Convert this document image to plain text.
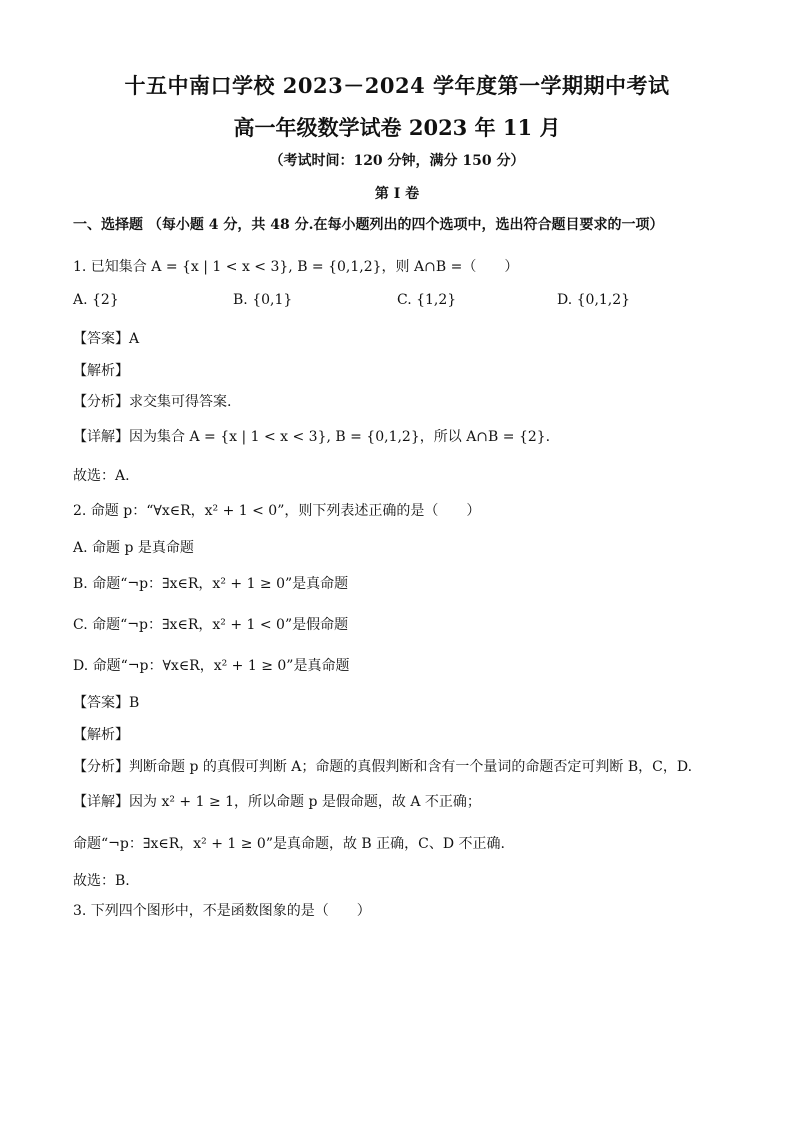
十五中南口学校 2023－2024 学年度第一学期期中考试
高一年级数学试卷 2023 年 11 月
（考试时间：120 分钟，满分 150 分）
第 I 卷
一、选择题 （每小题 4 分，共 48 分.在每小题列出的四个选项中，选出符合题目要求的一项）
1. 已知集合 A = {x | 1 < x < 3}, B = {0,1,2}，则 A∩B =（　　）
A. {2}	B. {0,1}	C. {1,2}	D. {0,1,2}
【答案】A
【解析】
【分析】求交集可得答案.
【详解】因为集合 A = {x | 1 < x < 3}, B = {0,1,2}，所以 A∩B = {2}.
故选：A.
2. 命题 p：“∀x∈R，x² + 1 < 0”，则下列表述正确的是（　　）
A. 命题 p 是真命题
B. 命题“¬p：∃x∈R，x² + 1 ≥ 0”是真命题
C. 命题“¬p：∃x∈R，x² + 1 < 0”是假命题
D. 命题“¬p：∀x∈R，x² + 1 ≥ 0”是真命题
【答案】B
【解析】
【分析】判断命题 p 的真假可判断 A；命题的真假判断和含有一个量词的命题否定可判断 B，C，D.
【详解】因为 x² + 1 ≥ 1，所以命题 p 是假命题，故 A 不正确；
命题“¬p：∃x∈R，x² + 1 ≥ 0”是真命题，故 B 正确，C、D 不正确.
故选：B.
3. 下列四个图形中，不是函数图象的是（　　）
